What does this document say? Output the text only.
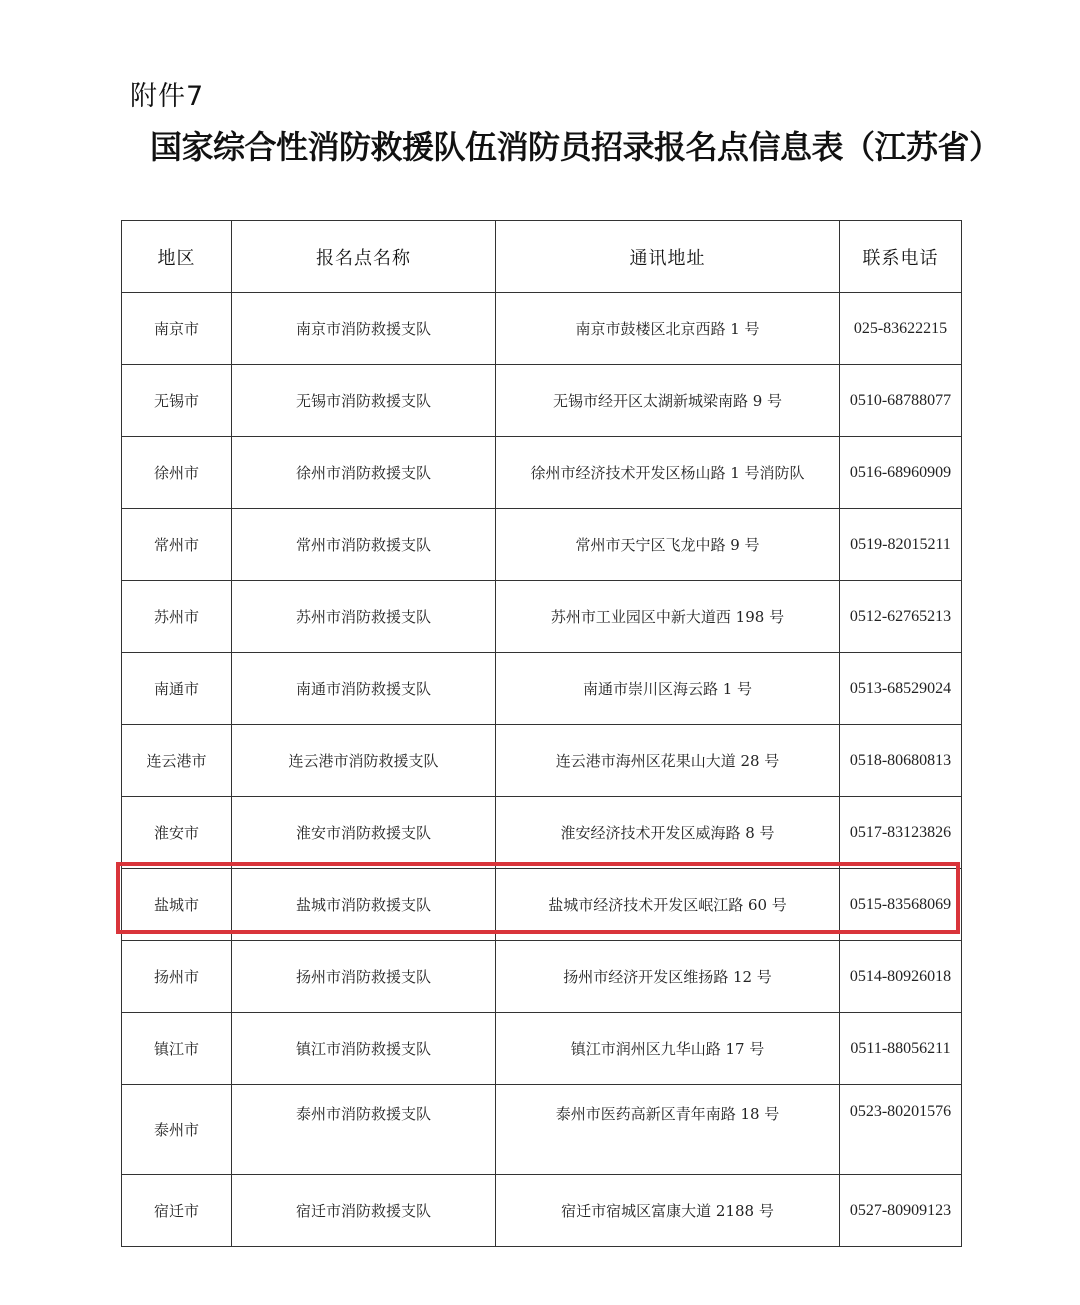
附件7
国家综合性消防救援队伍消防员招录报名点信息表（江苏省）
地区	报名点名称	通讯地址	联系电话
南京市	南京市消防救援支队	南京市鼓楼区北京西路 1 号	025-83622215
无锡市	无锡市消防救援支队	无锡市经开区太湖新城梁南路 9 号	0510-68788077
徐州市	徐州市消防救援支队	徐州市经济技术开发区杨山路 1 号消防队	0516-68960909
常州市	常州市消防救援支队	常州市天宁区飞龙中路 9 号	0519-82015211
苏州市	苏州市消防救援支队	苏州市工业园区中新大道西 198 号	0512-62765213
南通市	南通市消防救援支队	南通市崇川区海云路 1 号	0513-68529024
连云港市	连云港市消防救援支队	连云港市海州区花果山大道 28 号	0518-80680813
淮安市	淮安市消防救援支队	淮安经济技术开发区威海路 8 号	0517-83123826
盐城市	盐城市消防救援支队	盐城市经济技术开发区岷江路 60 号	0515-83568069
扬州市	扬州市消防救援支队	扬州市经济开发区维扬路 12 号	0514-80926018
镇江市	镇江市消防救援支队	镇江市润州区九华山路 17 号	0511-88056211
泰州市	泰州市消防救援支队	泰州市医药高新区青年南路 18 号	0523-80201576
宿迁市	宿迁市消防救援支队	宿迁市宿城区富康大道 2188 号	0527-80909123
